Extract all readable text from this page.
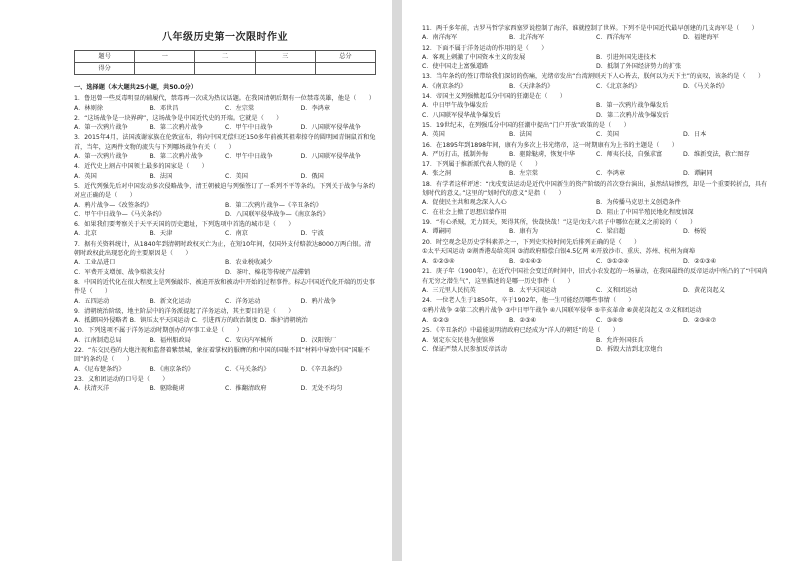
八年级历史第一次限时作业
题号	一	二	三	总分
得分				
一、选择题（本大题共25小题，共50.0分）
1．鲁迅曾一些反毒明显的辅履代，禁毒再一次成为热议话题。在我国清朝后期有一位禁毒英雄，他是（　　）
A．林则徐	B．邓世昌	C．左宗棠	D．李鸿章
2．“这场战争是一块界碑”，这场战争是中国近代史的开端。它就是（　　）
A．第一次鸦片战争	B．第二次鸦片战争	C．甲午中日战争	D．八国联军侵华战争
3．2015年4月，法国波谢家族在伦敦宣布，将向中国无偿归还150多年前被其祖辈掠夺的圆明园青铜鼠首和兔首，当年，这两件文物的流失与下列哪场战争有关（　　）
A．第一次鸦片战争	B．第二次鸦片战争	C．甲午中日战争	D．八国联军侵华战争
4．近代史上割占中国领土最多的国家是（　　）
A．英国	B．法国	C．美国	D．俄国
5．近代列强先后对中国发动多次侵略战争，清王朝被迫与列强签订了一系列不平等条约。下列关于战争与条约对应正确的是（　　）
A．鸦片战争—《改签条约》	B．第二次鸦片战争—《辛丑条约》
C．甲午中日战争—《马关条约》	D．八国联军侵华战争—《南京条约》
6．如果我们要考察关于天平天国的历史遗址，下列选项中首选的城市是（　　）
A．北京	B．天津	C．南京	D．宁波
7．据有关资料统计，从1840年到清朝时政权灭亡为止，在短10年间，仅国外支付赔款达8000万两白银。清朝时政权此出现恶化的主要原因是（　　）
A．工业品进口	B．农业税收减少
C．军费开支增加、战争赔款支付	D．茶叶、棉花等传统产品滞销
8．中国的近代化在很大程度上是列强敲诈、被迫开放和被动中开始的过程事件。标志中国近代化开端的历史事件是（　　）
A．五四运动	B．新文化运动	C．洋务运动	D．鸦片战争
9．清朝统治阶级，地主阶层中的洋务派提起了洋务运动，其主要目的是（　　）
A．抵御国外侵略者 B．镇压太平天国运动 C．引进西方的政治制度 D．维护清朝统治
10．下列选项不属于洋务运动时期创办的军事工业是（　　）
A．江南制造总局	B．福州船政局	C．安庆内军械所	D．汉阳铁厂
22．“东交民巷的大炮注视和监督着紫禁城，象征着掌权的服膺的和中国的国耻不回”材料中导致中国“国耻不回”的条约是（　　）
A．《尼布楚条约》	B．《南京条约》	C．《马关条约》	D．《辛丑条约》
23．义和团运动的口号是（　　）
A．扶清灭洋	B．驱除鞑虏	C．推翻清政府	D．无处不均匀
11．两千多年前，古罗马哲学家西塞罗说控制了海洋，谁就控制了世界。下列不是中国近代最早创建的几支海军是（　　）
A．南洋海军	B．北洋海军	C．西洋海军	D．福建海军
12．下面不属于洋务运动的作用的是（　　）
A．客观上刺激了中国资本主义的发展	B．引进外国先进技术
C．使中国走上富强道路	D．抵制了外国经济势力的扩张
13．当年条约的签订带给我们深切的伤痛，光绪帝发出“台湾割则天下人心皆去，朕何以为天下主”的哀叹，该条约是（　　）
A．《南京条约》	B．《天津条约》	C．《北京条约》	D．《马关条约》
14．帝国主义列强掀起瓜分中国的狂潮是在（　　）
A．中日甲午战争爆发后	B．第一次鸦片战争爆发后
C．八国联军侵华战争爆发后	D．第二次鸦片战争爆发后
15．19世纪末，在列强瓜分中国的狂潮中提出“门户开放”政策的是（　　）
A．英国	B．法国	C．美国	D．日本
16．在1895年到1898年间，康有为多次上书光绪帝，这一时期康有为上书的主题是（　　）
A．严厉打击，抵制外侮	B．驱除鞑虏，恢复中华	C．师夷长技，自强求富	D．维新变法，救亡图存
17．下列属于推新派代表人物的是（　　）
A．张之洞	B．左宗棠	C．李鸿章	D．谭嗣同
18．有学者这样评述：“戊戌变法运动是近代中国新生的资产阶级的首次登台演出，虽然结局惨烈，却是一个重要转折点，具有划时代的意义。”这里的“划时代的意义”是指（　　）
A．促使民主共和观念深入人心	B．为传播马克思主义创造条件
C．在社会上掀了思想启蒙作用	D．阻止了中国半殖民地化程度加深
19．“有心杀贼，无力回天，死得其所，快哉快哉！”这是戊戌六君子中哪位在就义之前说的（　　）
A．谭嗣同	B．康有为	C．梁启超	D．杨锐
20．时空观念是历史学科素养之一，下列史实按时间先后排列正确的是（　　）
①太平天国运动 ②割香港岛给英国 ③清政府赔偿白银4.5亿两 ④开放沙市、重庆、苏州、杭州为商埠
A．①②③④	B．②①④③	C．③①②④	D．②①③④
21．庚子年（1900年），在近代中国社会变迁的时间中，旧式小农发起的一场暴动，在我国最终的反帝运动中所凸的了“中国尚有无穷之潜生气”，这里描述的是哪一历史事件（　　）
A．三元里人民抗英	B．太平天国运动	C．义和团运动	D．黄花岗起义
24．一位老人生于1850年，卒于1902年，他一生可能经历哪些事情（　　）
①鸦片战争 ②第二次鸦片战争 ③中日甲午战争 ④八国联军侵华 ⑤辛亥革命 ⑥黄花岗起义 ⑦义和团运动
A．①②③	B．②③④	C．③④⑤	D．②③④⑦
25．《辛丑条约》中最能说明清政府已经成为“洋人的朝廷”的是（　　）
A．划定东交民巷为使馆界	B．允许外国驻兵
C．保证严禁人民参加反帝活动	D．拆毁大沽到北京炮台
